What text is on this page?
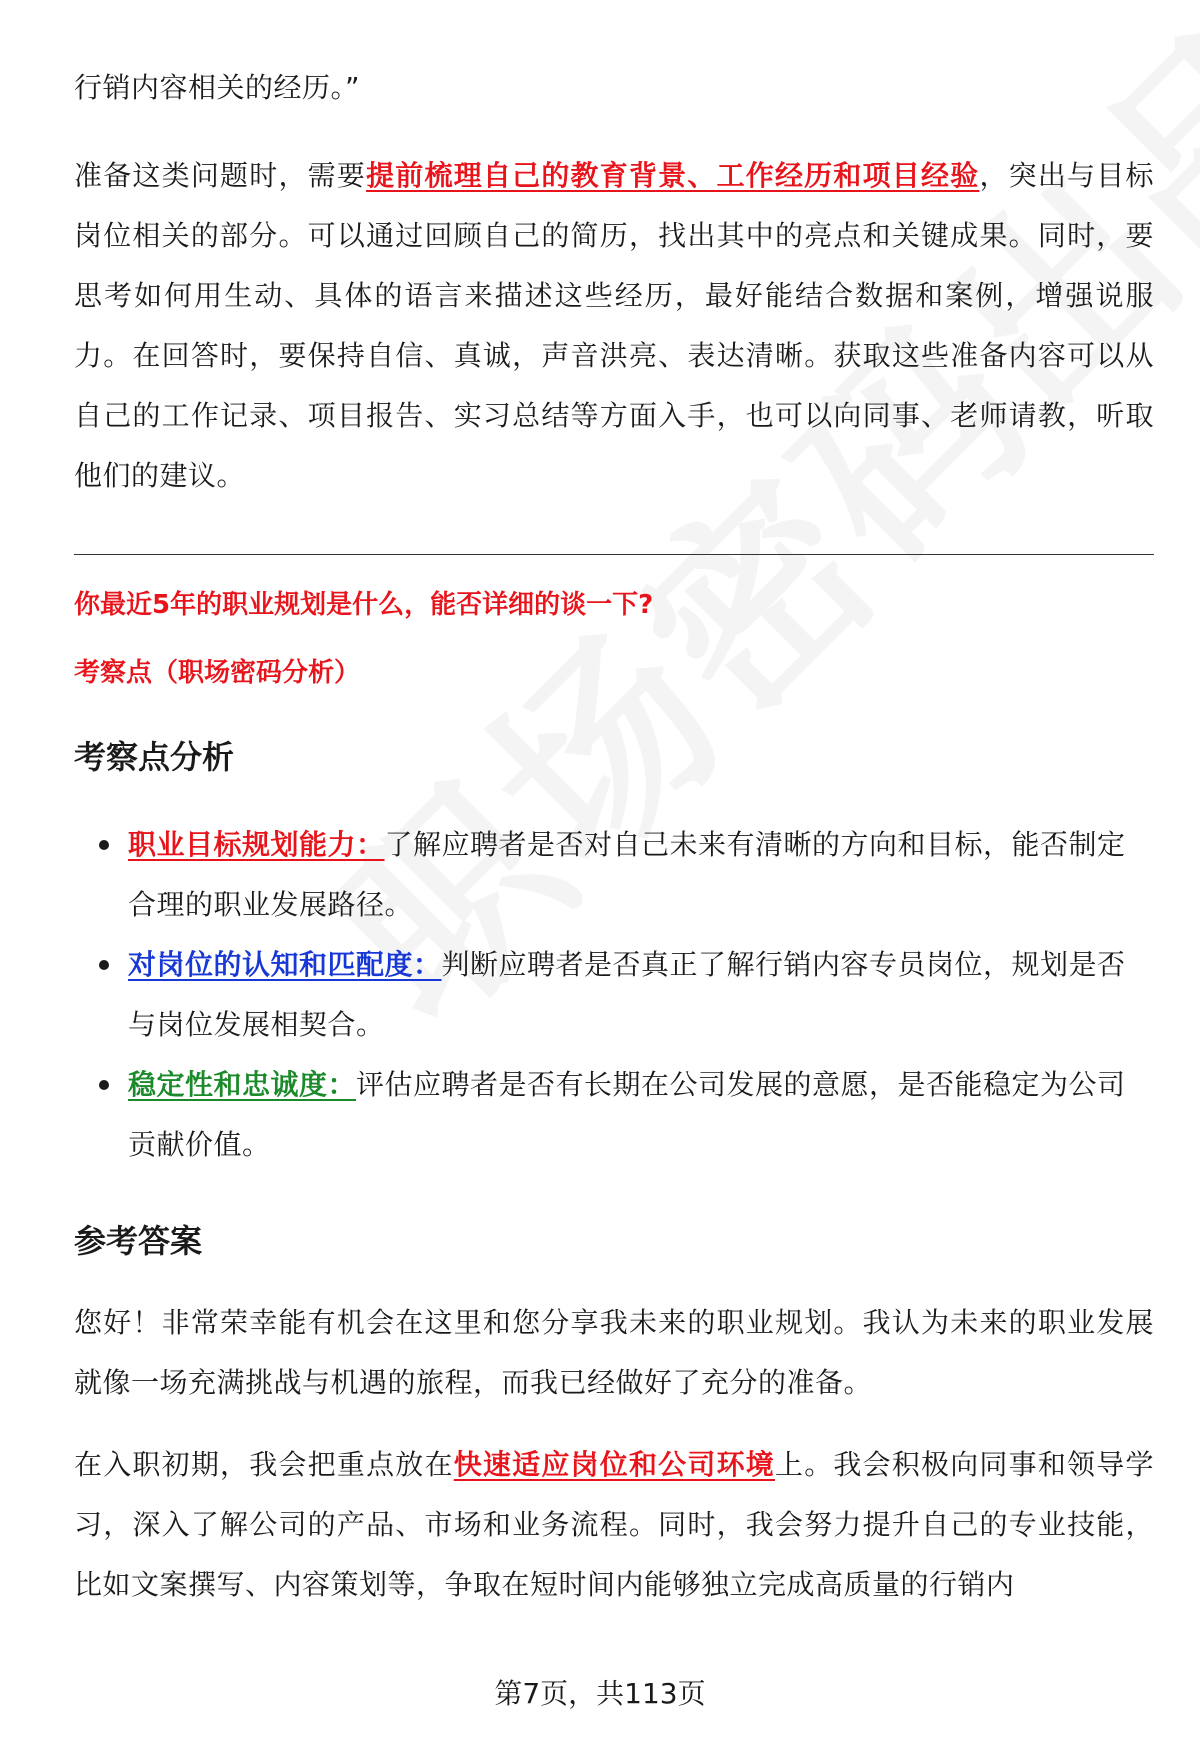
行销内容相关的经历。”

准备这类问题时，需要提前梳理自己的教育背景、工作经历和项目经验，突出与目标岗位相关的部分。可以通过回顾自己的简历，找出其中的亮点和关键成果。同时，要思考如何用生动、具体的语言来描述这些经历，最好能结合数据和案例，增强说服力。在回答时，要保持自信、真诚，声音洪亮、表达清晰。获取这些准备内容可以从自己的工作记录、项目报告、实习总结等方面入手，也可以向同事、老师请教，听取他们的建议。

你最近5年的职业规划是什么，能否详细的谈一下?

考察点（职场密码分析）

考察点分析
职业目标规划能力：了解应聘者是否对自己未来有清晰的方向和目标，能否制定合理的职业发展路径。
对岗位的认知和匹配度：判断应聘者是否真正了解行销内容专员岗位，规划是否与岗位发展相契合。
稳定性和忠诚度：评估应聘者是否有长期在公司发展的意愿，是否能稳定为公司贡献价值。
参考答案

您好！非常荣幸能有机会在这里和您分享我未来的职业规划。我认为未来的职业发展就像一场充满挑战与机遇的旅程，而我已经做好了充分的准备。

在入职初期，我会把重点放在快速适应岗位和公司环境上。我会积极向同事和领导学习，深入了解公司的产品、市场和业务流程。同时，我会努力提升自己的专业技能，比如文案撰写、内容策划等，争取在短时间内能够独立完成高质量的行销内

第7页，共113页
